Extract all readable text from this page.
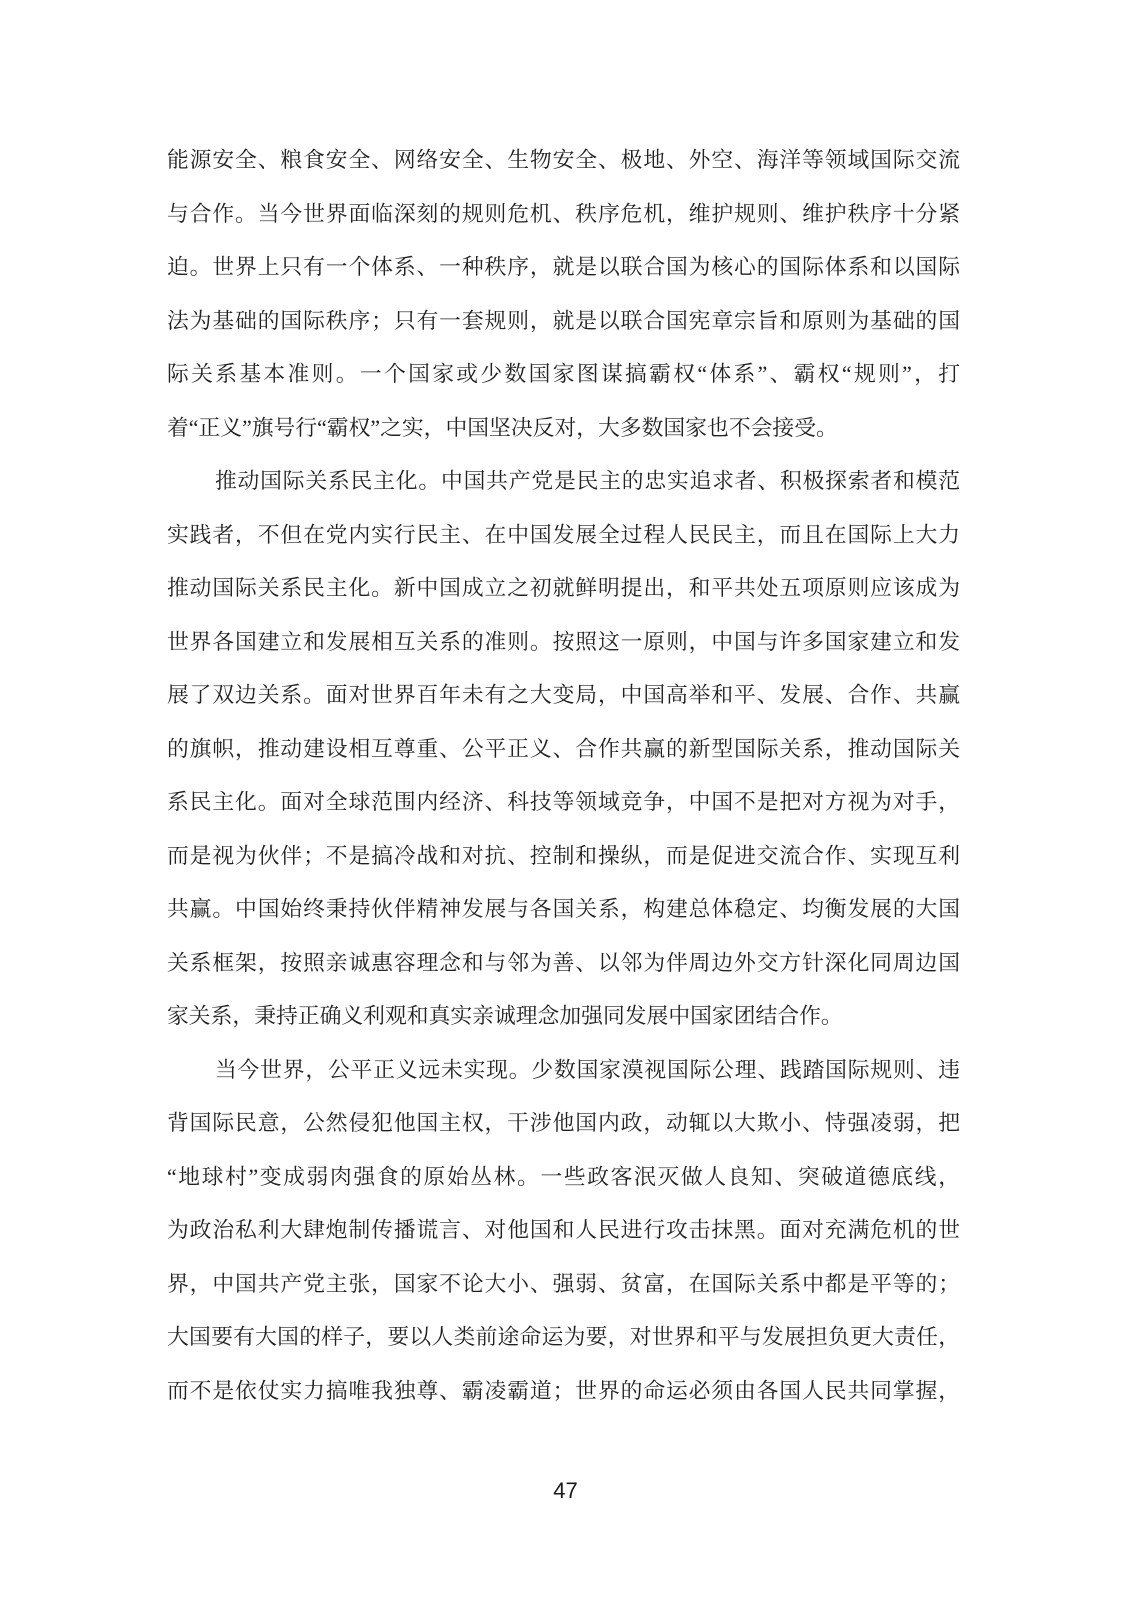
能源安全、粮食安全、网络安全、生物安全、极地、外空、海洋等领域国际交流
与合作。当今世界面临深刻的规则危机、秩序危机，维护规则、维护秩序十分紧
迫。世界上只有一个体系、一种秩序，就是以联合国为核心的国际体系和以国际
法为基础的国际秩序；只有一套规则，就是以联合国宪章宗旨和原则为基础的国
际关系基本准则。一个国家或少数国家图谋搞霸权“体系”、霸权“规则”，打
着“正义”旗号行“霸权”之实，中国坚决反对，大多数国家也不会接受。
推动国际关系民主化。中国共产党是民主的忠实追求者、积极探索者和模范
实践者，不但在党内实行民主、在中国发展全过程人民民主，而且在国际上大力
推动国际关系民主化。新中国成立之初就鲜明提出，和平共处五项原则应该成为
世界各国建立和发展相互关系的准则。按照这一原则，中国与许多国家建立和发
展了双边关系。面对世界百年未有之大变局，中国高举和平、发展、合作、共赢
的旗帜，推动建设相互尊重、公平正义、合作共赢的新型国际关系，推动国际关
系民主化。面对全球范围内经济、科技等领域竞争，中国不是把对方视为对手，
而是视为伙伴；不是搞冷战和对抗、控制和操纵，而是促进交流合作、实现互利
共赢。中国始终秉持伙伴精神发展与各国关系，构建总体稳定、均衡发展的大国
关系框架，按照亲诚惠容理念和与邻为善、以邻为伴周边外交方针深化同周边国
家关系，秉持正确义利观和真实亲诚理念加强同发展中国家团结合作。
当今世界，公平正义远未实现。少数国家漠视国际公理、践踏国际规则、违
背国际民意，公然侵犯他国主权，干涉他国内政，动辄以大欺小、恃强凌弱，把
“地球村”变成弱肉强食的原始丛林。一些政客泯灭做人良知、突破道德底线，
为政治私利大肆炮制传播谎言、对他国和人民进行攻击抹黑。面对充满危机的世
界，中国共产党主张，国家不论大小、强弱、贫富，在国际关系中都是平等的；
大国要有大国的样子，要以人类前途命运为要，对世界和平与发展担负更大责任，
而不是依仗实力搞唯我独尊、霸凌霸道；世界的命运必须由各国人民共同掌握，
47
